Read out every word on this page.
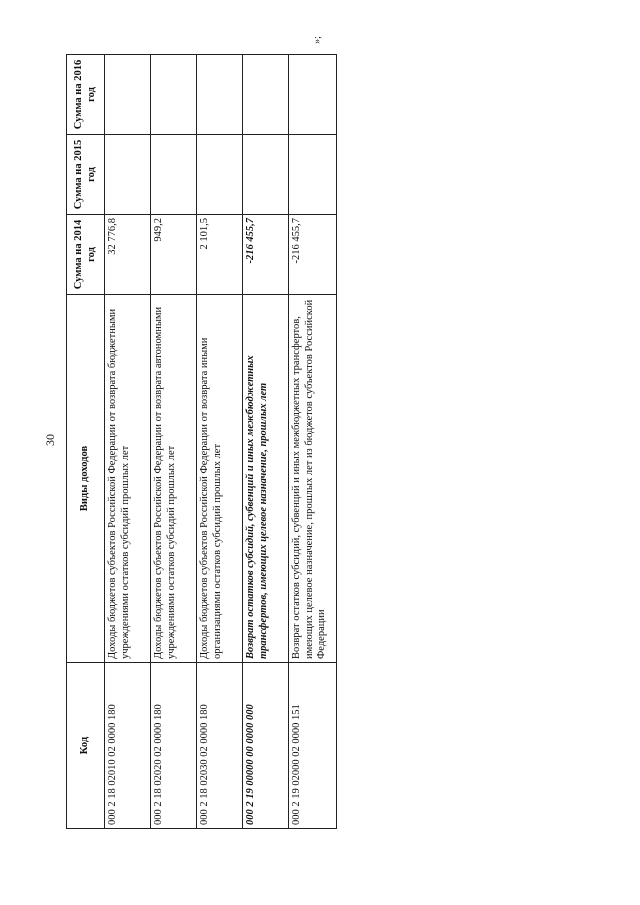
30
»;
Код	Виды доходов	Сумма на 2014 год	Сумма на 2015 год	Сумма на 2016 год
000 2 18 02010 02 0000 180	Доходы бюджетов субъектов Российской Федерации от возврата бюджетными учреждениями остатков субсидий прошлых лет	32 776,8		
000 2 18 02020 02 0000 180	Доходы бюджетов субъектов Российской Федерации от возврата автономными учреждениями остатков субсидий прошлых лет	949,2		
000 2 18 02030 02 0000 180	Доходы бюджетов субъектов Российской Федерации от возврата иными организациями остатков субсидий прошлых лет	2 101,5		
000 2 19 00000 00 0000 000	Возврат остатков субсидий, субвенций и иных межбюджетных трансфертов, имеющих целевое назначение, прошлых лет	-216 455,7		
000 2 19 02000 02 0000 151	Возврат остатков субсидий, субвенций и иных межбюджетных трансфертов, имеющих целевое назначение, прошлых лет из бюджетов субъектов Российской Федерации	-216 455,7		
